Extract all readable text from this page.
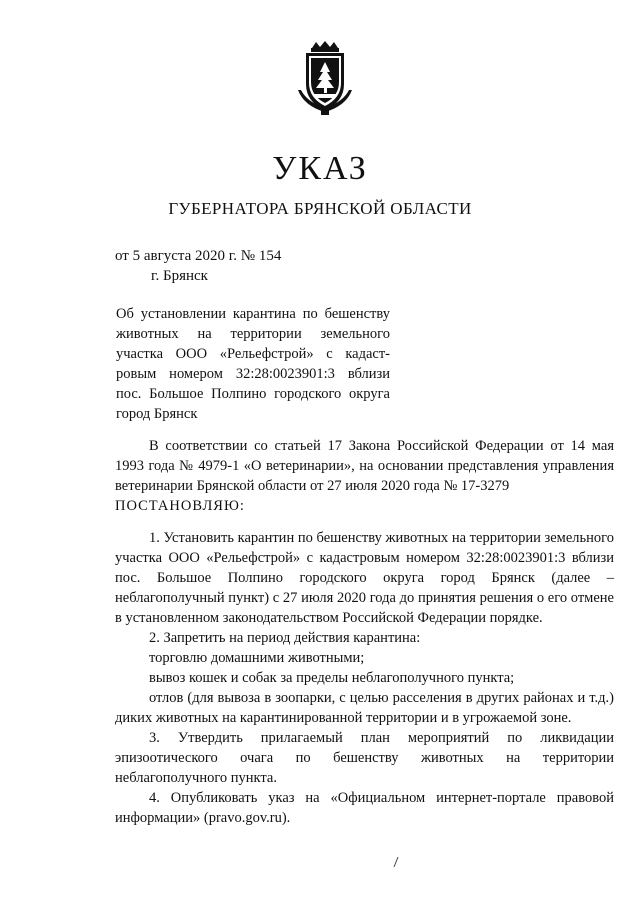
УКАЗ
ГУБЕРНАТОРА БРЯНСКОЙ ОБЛАСТИ
от 5 августа 2020 г. № 154
г. Брянск

Об установлении карантина по бешенству животных на территории земельного участка ООО «Рельефстрой» с кадаст-ровым номером 32:28:0023901:3 вблизи пос. Большое Полпино городского округа город Брянск

В соответствии со статьей 17 Закона Российской Федерации от 14 мая 1993 года № 4979-1 «О ветеринарии», на основании представления управления ветеринарии Брянской области от 27 июля 2020 года № 17-3279

ПОСТАНОВЛЯЮ:

1. Установить карантин по бешенству животных на территории земельного участка ООО «Рельефстрой» с кадастровым номером 32:28:0023901:3 вблизи пос. Большое Полпино городского округа город Брянск (далее – неблагополучный пункт) с 27 июля 2020 года до принятия решения о его отмене в установленном законодательством Российской Федерации порядке.

2. Запретить на период действия карантина:

торговлю домашними животными;

вывоз кошек и собак за пределы неблагополучного пункта;

отлов (для вывоза в зоопарки, с целью расселения в других районах и т.д.) диких животных на карантинированной территории и в угрожаемой зоне.

3. Утвердить прилагаемый план мероприятий по ликвидации эпизоотического очага по бешенству животных на территории неблагополучного пункта.

4. Опубликовать указ на «Официальном интернет-портале правовой информации» (pravo.gov.ru).
